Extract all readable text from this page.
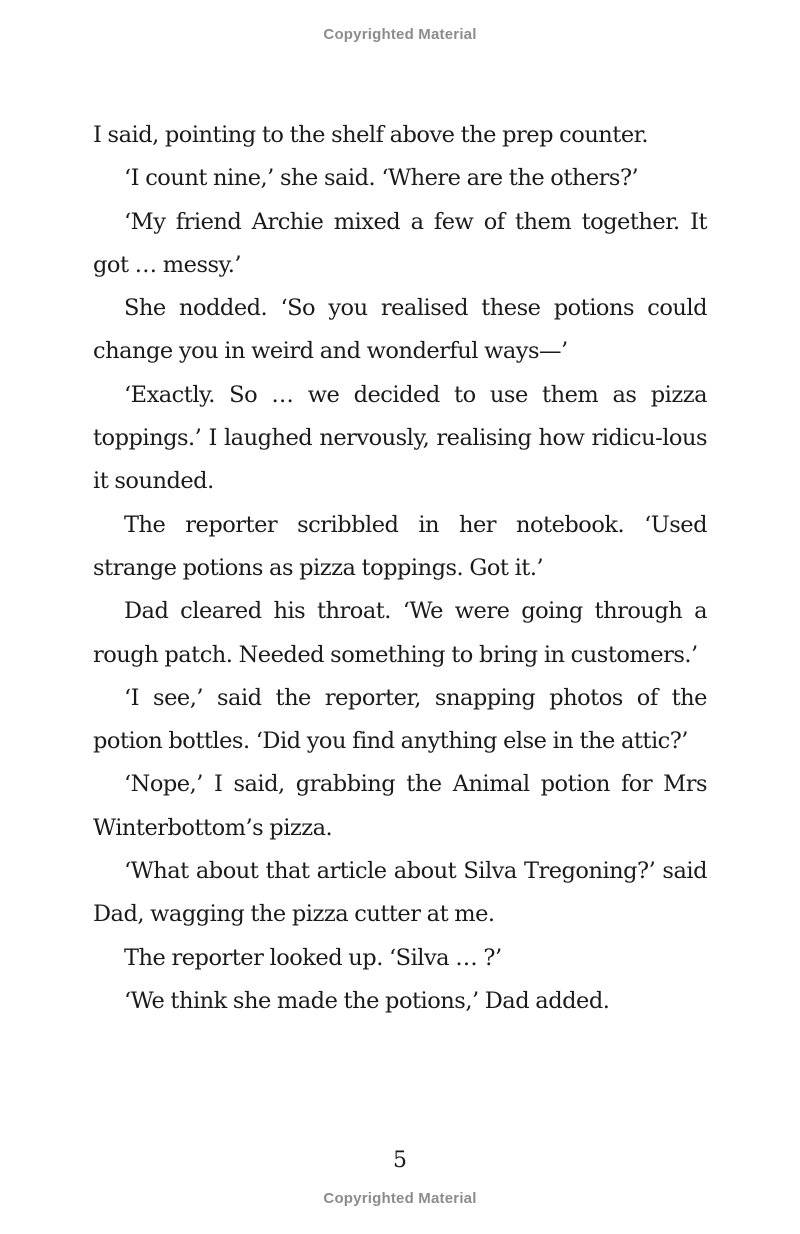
Copyrighted Material

I said, pointing to the shelf above the prep counter.

‘I count nine,’ she said. ‘Where are the others?’

‘My friend Archie mixed a few of them together. It got … messy.’

She nodded. ‘So you realised these potions could change you in weird and wonderful ways—’

‘Exactly. So … we decided to use them as pizza toppings.’ I laughed nervously, realising how ridicu-lous it sounded.

The reporter scribbled in her notebook. ‘Used strange potions as pizza toppings. Got it.’

Dad cleared his throat. ‘We were going through a rough patch. Needed something to bring in customers.’

‘I see,’ said the reporter, snapping photos of the potion bottles. ‘Did you find anything else in the attic?’

‘Nope,’ I said, grabbing the Animal potion for Mrs Winterbottom’s pizza.

‘What about that article about Silva Tregoning?’ said Dad, wagging the pizza cutter at me.

The reporter looked up. ‘Silva … ?’

‘We think she made the potions,’ Dad added.

5
Copyrighted Material
